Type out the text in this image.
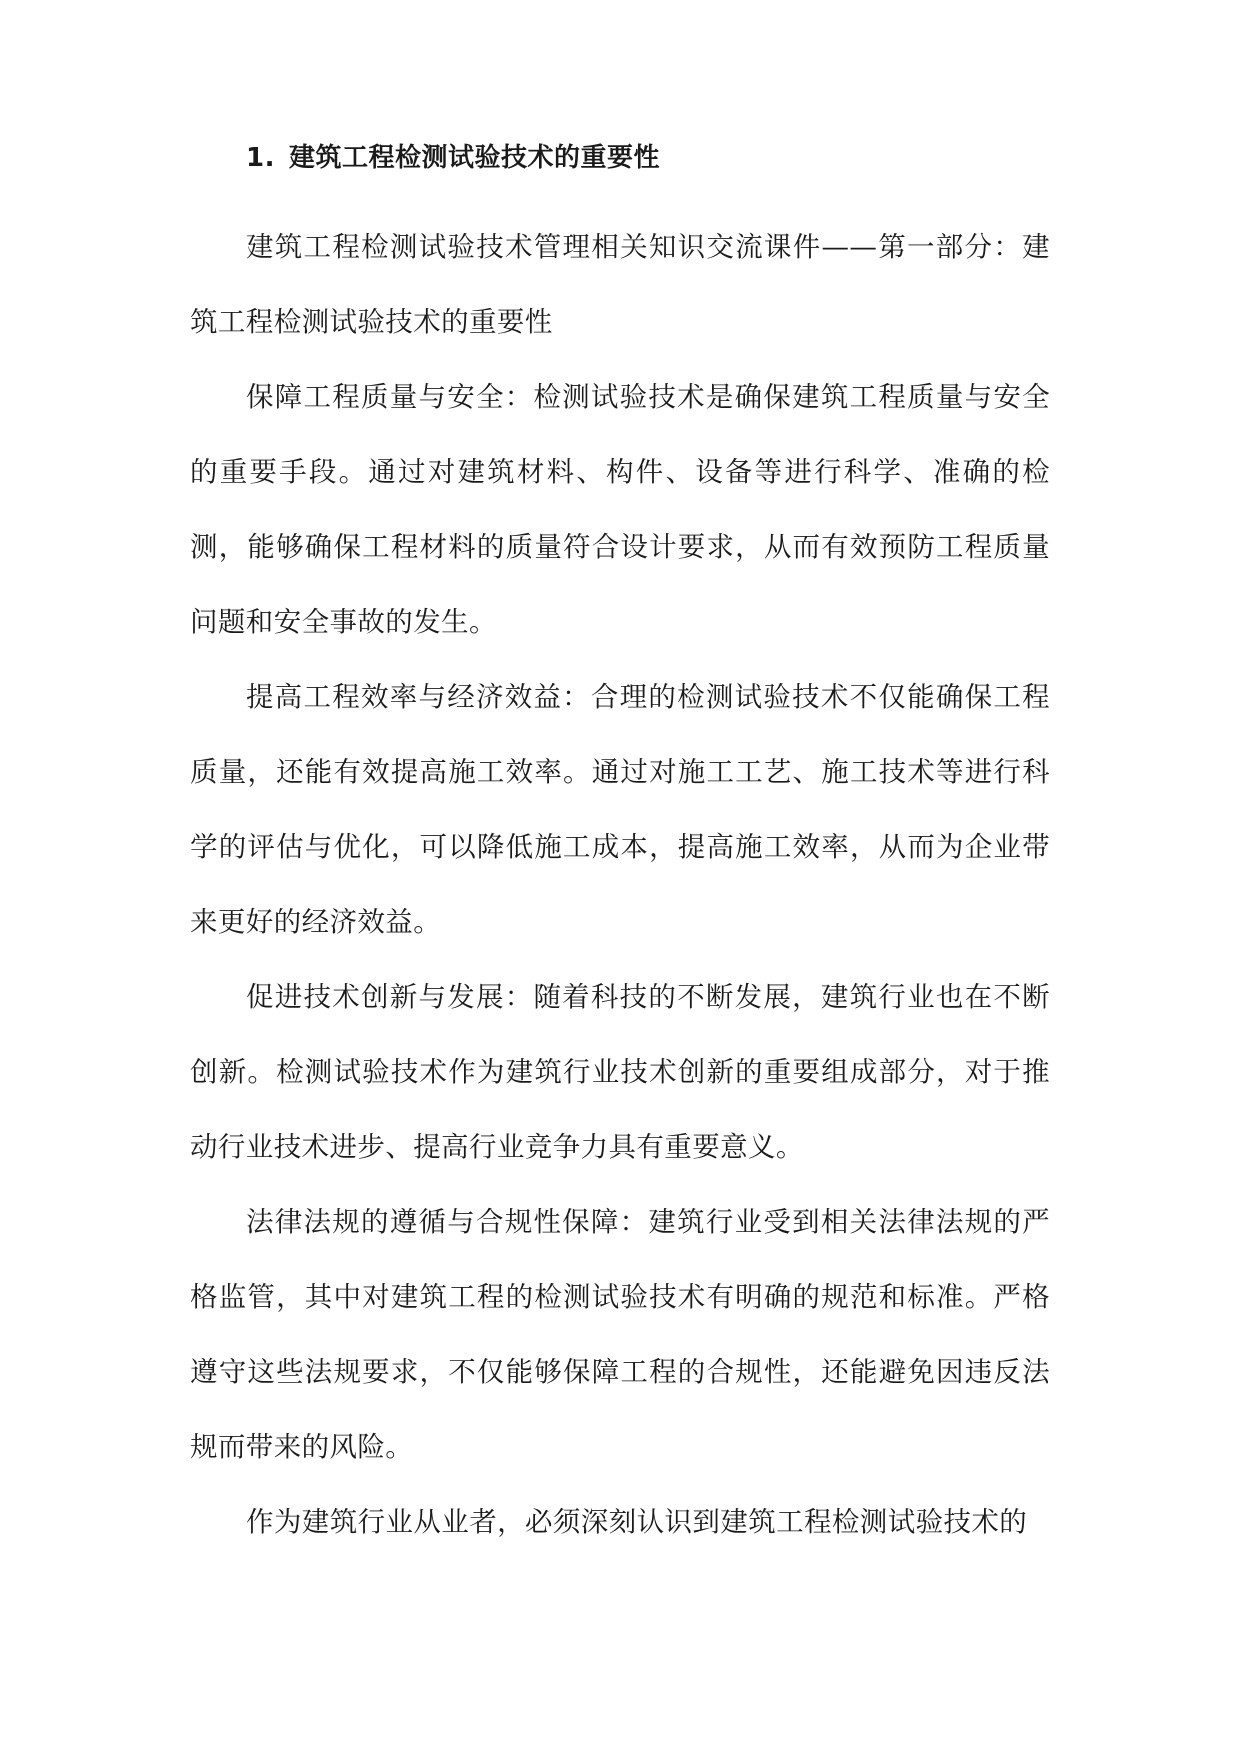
1. 建筑工程检测试验技术的重要性

建筑工程检测试验技术管理相关知识交流课件——第一部分：建筑工程检测试验技术的重要性

保障工程质量与安全：检测试验技术是确保建筑工程质量与安全的重要手段。通过对建筑材料、构件、设备等进行科学、准确的检测，能够确保工程材料的质量符合设计要求，从而有效预防工程质量问题和安全事故的发生。

提高工程效率与经济效益：合理的检测试验技术不仅能确保工程质量，还能有效提高施工效率。通过对施工工艺、施工技术等进行科学的评估与优化，可以降低施工成本，提高施工效率，从而为企业带来更好的经济效益。

促进技术创新与发展：随着科技的不断发展，建筑行业也在不断创新。检测试验技术作为建筑行业技术创新的重要组成部分，对于推动行业技术进步、提高行业竞争力具有重要意义。

法律法规的遵循与合规性保障：建筑行业受到相关法律法规的严格监管，其中对建筑工程的检测试验技术有明确的规范和标准。严格遵守这些法规要求，不仅能够保障工程的合规性，还能避免因违反法规而带来的风险。

作为建筑行业从业者，必须深刻认识到建筑工程检测试验技术的
